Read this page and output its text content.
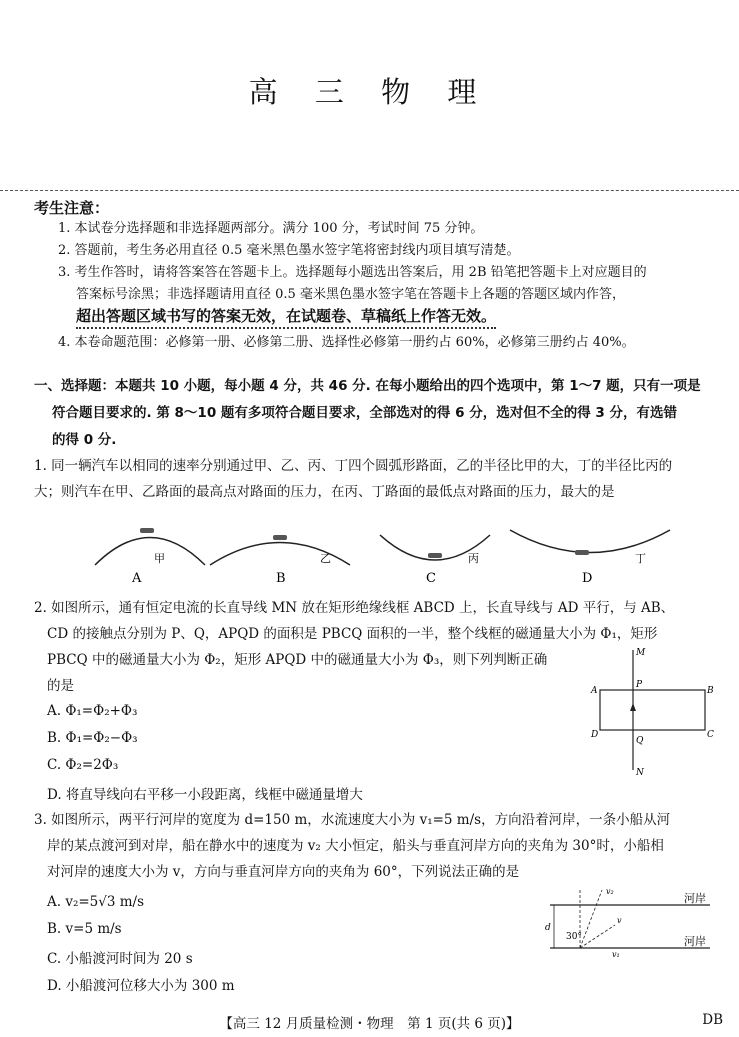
高 三 物 理
考生注意：
1. 本试卷分选择题和非选择题两部分。满分 100 分，考试时间 75 分钟。
2. 答题前，考生务必用直径 0.5 毫米黑色墨水签字笔将密封线内项目填写清楚。
3. 考生作答时，请将答案答在答题卡上。选择题每小题选出答案后，用 2B 铅笔把答题卡上对应题目的
答案标号涂黑；非选择题请用直径 0.5 毫米黑色墨水签字笔在答题卡上各题的答题区域内作答，
超出答题区域书写的答案无效，在试题卷、草稿纸上作答无效。
4. 本卷命题范围：必修第一册、必修第二册、选择性必修第一册约占 60%，必修第三册约占 40%。
一、选择题：本题共 10 小题，每小题 4 分，共 46 分. 在每小题给出的四个选项中，第 1～7 题，只有一项是
符合题目要求的. 第 8～10 题有多项符合题目要求，全部选对的得 6 分，选对但不全的得 3 分，有选错
的得 0 分.
1. 同一辆汽车以相同的速率分别通过甲、乙、丙、丁四个圆弧形路面，乙的半径比甲的大，丁的半径比丙的
大；则汽车在甲、乙路面的最高点对路面的压力，在丙、丁路面的最低点对路面的压力，最大的是
甲
A
乙
B
丙
C
丁
D
2. 如图所示，通有恒定电流的长直导线 MN 放在矩形绝缘线框 ABCD 上，长直导线与 AD 平行，与 AB、
CD 的接触点分别为 P、Q，APQD 的面积是 PBCQ 面积的一半，整个线框的磁通量大小为 Φ₁，矩形
PBCQ 中的磁通量大小为 Φ₂，矩形 APQD 中的磁通量大小为 Φ₃，则下列判断正确
的是
A. Φ₁=Φ₂+Φ₃
B. Φ₁=Φ₂−Φ₃
C. Φ₂=2Φ₃
D. 将直导线向右平移一小段距离，线框中磁通量增大
M
N
P
Q
A	B
C
D
3. 如图所示，两平行河岸的宽度为 d=150 m，水流速度大小为 v₁=5 m/s，方向沿着河岸，一条小船从河
岸的某点渡河到对岸，船在静水中的速度为 v₂ 大小恒定，船头与垂直河岸方向的夹角为 30°时，小船相
对河岸的速度大小为 v，方向与垂直河岸方向的夹角为 60°，下列说法正确的是
A. v₂=5√3 m/s
B. v=5 m/s
C. 小船渡河时间为 20 s
D. 小船渡河位移大小为 300 m
d
v₂
v
v₁
30°
河岸
河岸
【高三 12 月质量检测・物理　第 1 页(共 6 页)】	DB
